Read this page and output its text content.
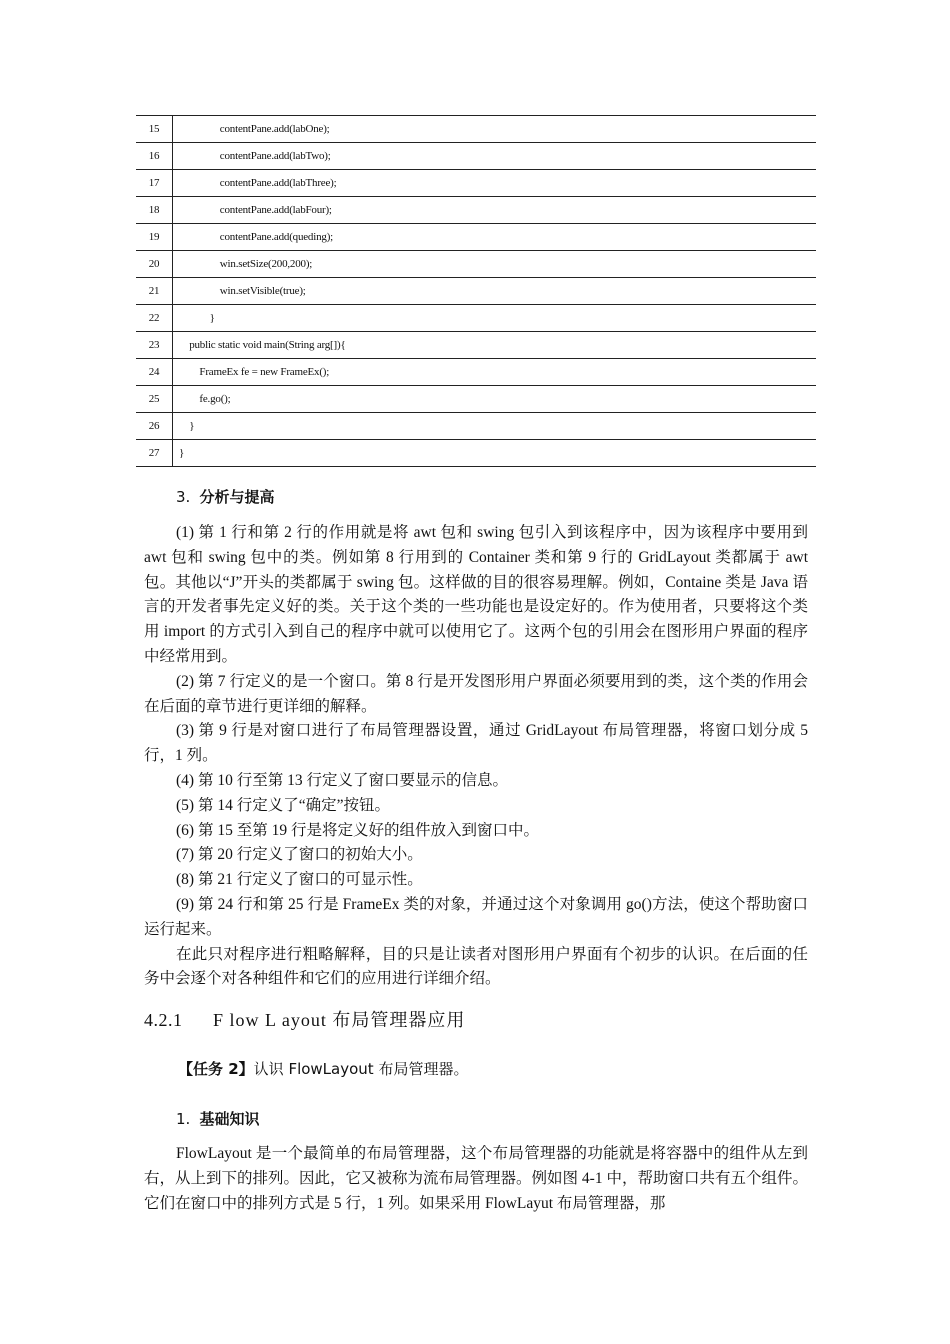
15	contentPane.add(labOne);
16	contentPane.add(labTwo);
17	contentPane.add(labThree);
18	contentPane.add(labFour);
19	contentPane.add(queding);
20	win.setSize(200,200);
21	win.setVisible(true);
22	}
23	public static void main(String arg[]){
24	FrameEx fe = new FrameEx();
25	fe.go();
26	}
27	}
3. 分析与提高

(1) 第 1 行和第 2 行的作用就是将 awt 包和 swing 包引入到该程序中，因为该程序中要用到 awt 包和 swing 包中的类。例如第 8 行用到的 Container 类和第 9 行的 GridLayout 类都属于 awt 包。其他以“J”开头的类都属于 swing 包。这样做的目的很容易理解。例如，Containe 类是 Java 语言的开发者事先定义好的类。关于这个类的一些功能也是设定好的。作为使用者，只要将这个类用 import 的方式引入到自己的程序中就可以使用它了。这两个包的引用会在图形用户界面的程序中经常用到。

(2) 第 7 行定义的是一个窗口。第 8 行是开发图形用户界面必须要用到的类，这个类的作用会在后面的章节进行更详细的解释。

(3) 第 9 行是对窗口进行了布局管理器设置，通过 GridLayout 布局管理器，将窗口划分成 5 行，1 列。

(4) 第 10 行至第 13 行定义了窗口要显示的信息。

(5) 第 14 行定义了“确定”按钮。

(6) 第 15 至第 19 行是将定义好的组件放入到窗口中。

(7) 第 20 行定义了窗口的初始大小。

(8) 第 21 行定义了窗口的可显示性。

(9) 第 24 行和第 25 行是 FrameEx 类的对象，并通过这个对象调用 go()方法，使这个帮助窗口运行起来。

在此只对程序进行粗略解释，目的只是让读者对图形用户界面有个初步的认识。在后面的任务中会逐个对各种组件和它们的应用进行详细介绍。

4.2.1 F low L ayout 布局管理器应用
【任务 2】认识 FlowLayout 布局管理器。
1. 基础知识

FlowLayout 是一个最简单的布局管理器，这个布局管理器的功能就是将容器中的组件从左到右，从上到下的排列。因此，它又被称为流布局管理器。例如图 4-1 中，帮助窗口共有五个组件。它们在窗口中的排列方式是 5 行，1 列。如果采用 FlowLayut 布局管理器，那
